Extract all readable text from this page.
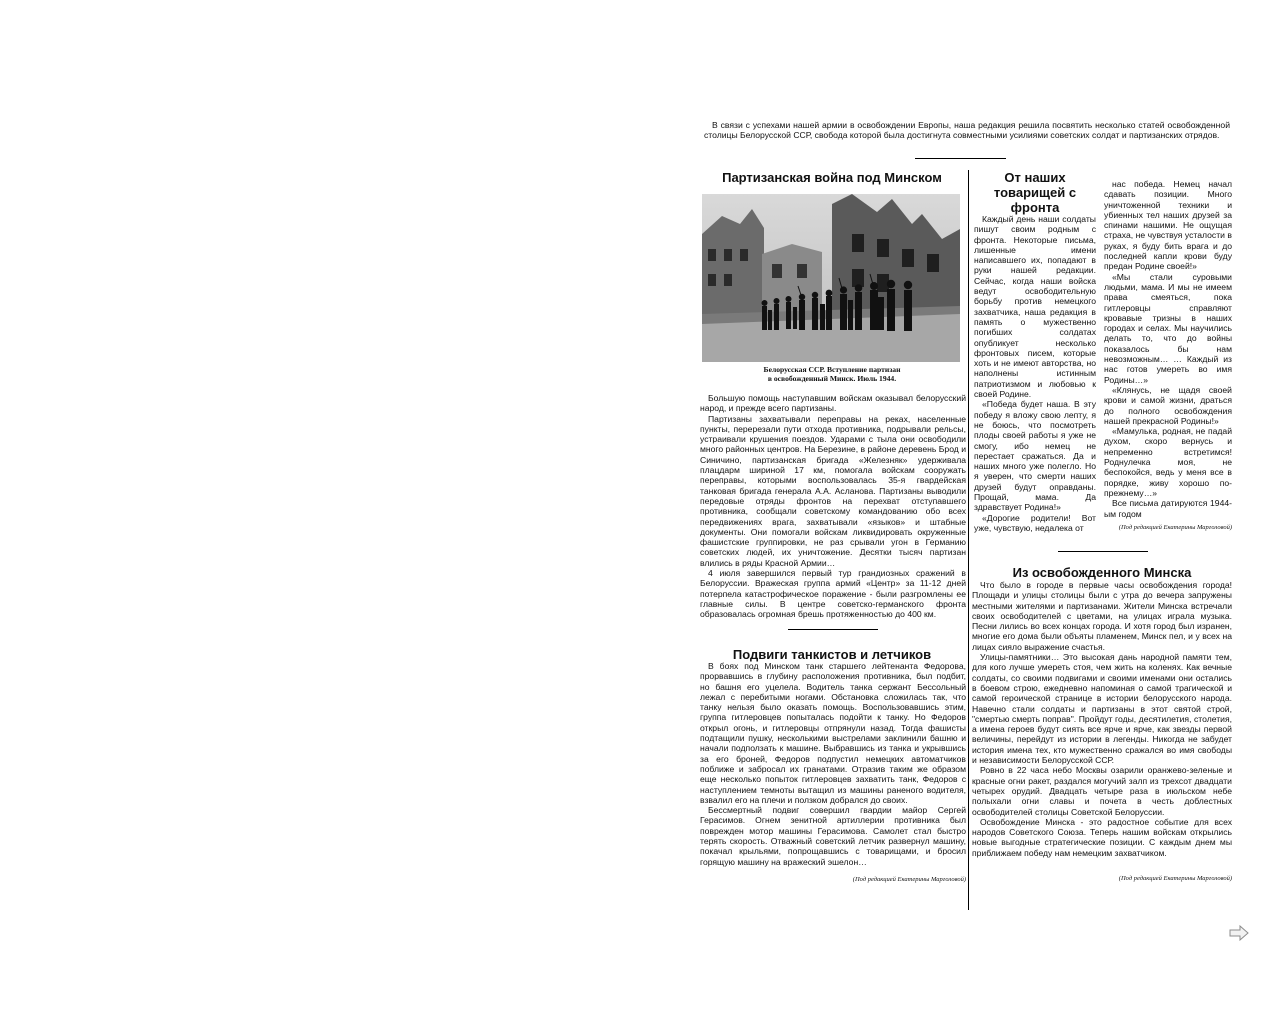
В связи с успехами нашей армии в освобождении Европы, наша редакция решила посвятить несколько статей освобожденной столицы Белорусской ССР, свобода которой была достигнута совместными усилиями советских солдат и партизанских отрядов.

Партизанская война под Минском
Белорусская ССР. Вступление партизан
в освобожденный Минск. Июль 1944.

Большую помощь наступавшим войскам оказывал белорусский народ, и прежде всего партизаны.

Партизаны захватывали переправы на реках, населенные пункты, перерезали пути отхода противника, подрывали рельсы, устраивали крушения поездов. Ударами с тыла они освободили много районных центров. На Березине, в районе деревень Брод и Синичино, партизанская бригада «Железняк» удерживала плацдарм шириной 17 км, помогала войскам сооружать переправы, которыми воспользовалась 35-я гвардейская танковая бригада генерала А.А. Асланова. Партизаны выводили передовые отряды фронтов на перехват отступавшего противника, сообщали советскому командованию обо всех передвижениях врага, захватывали «языков» и штабные документы. Они помогали войскам ликвидировать окруженные фашистские группировки, не раз срывали угон в Германию советских людей, их уничтожение. Десятки тысяч партизан влились в ряды Красной Армии…

4 июля завершился первый тур грандиозных сражений в Белоруссии. Вражеская группа армий «Центр» за 11-12 дней потерпела катастрофическое поражение - были разгромлены ее главные силы. В центре советско-германского фронта образовалась огромная брешь протяженностью до 400 км.

Подвиги танкистов и летчиков

В боях под Минском танк старшего лейтенанта Федорова, прорвавшись в глубину расположения противника, был подбит, но башня его уцелела. Водитель танка сержант Бессольный лежал с перебитыми ногами. Обстановка сложилась так, что танку нельзя было оказать помощь. Воспользовавшись этим, группа гитлеровцев попыталась подойти к танку. Но Федоров открыл огонь, и гитлеровцы отпрянули назад. Тогда фашисты подтащили пушку, несколькими выстрелами заклинили башню и начали подползать к машине. Выбравшись из танка и укрывшись за его броней, Федоров подпустил немецких автоматчиков поближе и забросал их гранатами. Отразив таким же образом еще несколько попыток гитлеровцев захватить танк, Федоров с наступлением темноты вытащил из машины раненого водителя, взвалил его на плечи и ползком добрался до своих.

Бессмертный подвиг совершил гвардии майор Сергей Герасимов. Огнем зенитной артиллерии противника был поврежден мотор машины Герасимова. Самолет стал быстро терять скорость. Отважный советский летчик развернул машину, покачал крыльями, попрощавшись с товарищами, и бросил горящую машину на вражеский эшелон…

(Под редакцией Екатерины Марголовой)
От наших
товарищей с
фронта

Каждый день наши солдаты пишут своим родным с фронта. Некоторые письма, лишенные имени написавшего их, попадают в руки нашей редакции. Сейчас, когда наши войска ведут освободительную борьбу против немецкого захватчика, наша редакция в память о мужественно погибших солдатах опубликует несколько фронтовых писем, которые хоть и не имеют авторства, но наполнены истинным патриотизмом и любовью к своей Родине.

«Победа будет наша. В эту победу я вложу свою лепту, я не боюсь, что посмотреть плоды своей работы я уже не смогу, ибо немец не перестает сражаться. Да и наших много уже полегло. Но я уверен, что смерти наших друзей будут оправданы. Прощай, мама. Да здравствует Родина!»

«Дорогие родители! Вот уже, чувствую, недалека от

нас победа. Немец начал сдавать позиции. Много уничтоженной техники и убиенных тел наших друзей за спинами нашими. Не ощущая страха, не чувствуя усталости в руках, я буду бить врага и до последней капли крови буду предан Родине своей!»

«Мы стали суровыми людьми, мама. И мы не имеем права смеяться, пока гитлеровцы справляют кровавые тризны в наших городах и селах. Мы научились делать то, что до войны показалось бы нам невозможным… … Каждый из нас готов умереть во имя Родины…»

«Клянусь, не щадя своей крови и самой жизни, драться до полного освобождения нашей прекрасной Родины!»

«Мамулька, родная, не падай духом, скоро вернусь и непременно встретимся! Роднулечка моя, не беспокойся, ведь у меня все в порядке, живу хорошо по-прежнему…»

Все письма датируются 1944-ым годом

(Под редакцией Екатерины Марголовой)
Из освобожденного Минска

Что было в городе в первые часы освобождения города! Площади и улицы столицы были с утра до вечера запружены местными жителями и партизанами. Жители Минска встречали своих освободителей с цветами, на улицах играла музыка. Песни лились во всех концах города. И хотя город был изранен, многие его дома были объяты пламенем, Минск пел, и у всех на лицах сияло выражение счастья.

Улицы-памятники… Это высокая дань народной памяти тем, для кого лучше умереть стоя, чем жить на коленях. Как вечные солдаты, со своими подвигами и своими именами они остались в боевом строю, ежедневно напоминая о самой трагической и самой героической странице в истории белорусского народа. Навечно стали солдаты и партизаны в этот святой строй, "смертью смерть поправ". Пройдут годы, десятилетия, столетия, а имена героев будут сиять все ярче и ярче, как звезды первой величины, перейдут из истории в легенды. Никогда не забудет история имена тех, кто мужественно сражался во имя свободы и независимости Белорусской ССР.

Ровно в 22 часа небо Москвы озарили оранжево-зеленые и красные огни ракет, раздался могучий залп из трехсот двадцати четырех орудий. Двадцать четыре раза в июльском небе полыхали огни славы и почета в честь доблестных освободителей столицы Советской Белоруссии.

Освобождение Минска - это радостное событие для всех народов Советского Союза. Теперь нашим войскам открылись новые выгодные стратегические позиции. С каждым днем мы приближаем победу нам немецким захватчиком.

(Под редакцией Екатерины Марголовой)
